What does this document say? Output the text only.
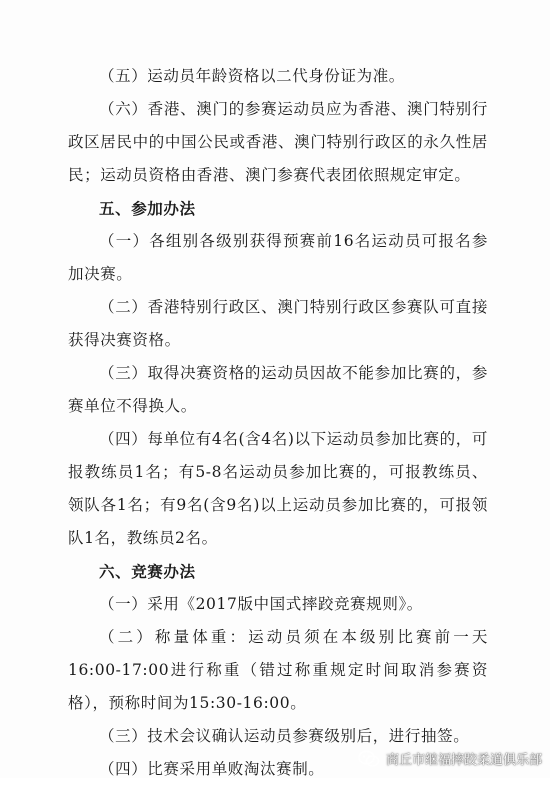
（五）运动员年龄资格以二代身份证为准。

（六）香港、澳门的参赛运动员应为香港、澳门特别行政区居民中的中国公民或香港、澳门特别行政区的永久性居民；运动员资格由香港、澳门参赛代表团依照规定审定。

五、参加办法

（一）各组别各级别获得预赛前16名运动员可报名参加决赛。

（二）香港特别行政区、澳门特别行政区参赛队可直接获得决赛资格。

（三）取得决赛资格的运动员因故不能参加比赛的，参赛单位不得换人。

（四）每单位有4名(含4名)以下运动员参加比赛的，可报教练员1名；有5-8名运动员参加比赛的，可报教练员、领队各1名；有9名(含9名)以上运动员参加比赛的，可报领队1名，教练员2名。

六、竞赛办法

（一）采用《2017版中国式摔跤竞赛规则》。

（二）称量体重：运动员须在本级别比赛前一天16:00-17:00进行称重（错过称重规定时间取消参赛资格），预称时间为15:30-16:00。

（三）技术会议确认运动员参赛级别后，进行抽签。

（四）比赛采用单败淘汰赛制。	商丘市继福摔跤柔道俱乐部
